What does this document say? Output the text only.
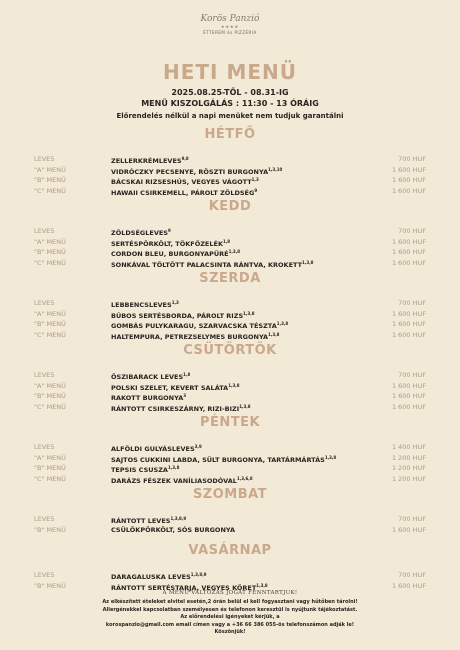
Korös Panzió
★★★★
ÉTTEREM és PIZZÉRIA
HETI MENÜ
2025.08.25-TŐL - 08.31-IG
MENÜ KISZOLGÁLÁS : 11:30 - 13 ÓRÁIG
Előrendelés nélkül a napi menüket nem tudjuk garantálni
HÉTFŐ
LEVES	ZELLERKRÉMLEVES$^{9,8}$	700 HUF
"A" MENÜ	VIDRÓCZKY PECSENYE, RÖSZTI BURGONYA$^{1,3,10}$	1 600 HUF
"B" MENÜ	BÁCSKAI RIZSESHÚS, VEGYES VÁGOTT$^{1,3}$	1 600 HUF
"C" MENÜ	HAWAII CSIRKEMELL, PÁROLT ZÖLDSÉG$^9$	1 600 HUF
KEDD
LEVES	ZÖLDSÉGLEVES$^9$	700 HUF
"A" MENÜ	SERTÉSPÖRKÖLT, TÖKFŐZELÉK$^{1,8}$	1 600 HUF
"B" MENÜ	CORDON BLEU, BURGONYAPÜRÉ$^{1,3,8}$	1 600 HUF
"C" MENÜ	SONKÁVAL TÖLTÖTT PALACSINTA RÁNTVA, KROKETT$^{1,3,8}$	1 600 HUF
SZERDA
LEVES	LEBBENCSLEVES$^{1,3}$	700 HUF
"A" MENÜ	BÚBOS SERTÉSBORDA, PÁROLT RIZS$^{1,3,8}$	1 600 HUF
"B" MENÜ	GOMBÁS PULYKARAGU, SZARVACSKA TÉSZTA$^{1,3,8}$	1 600 HUF
"C" MENÜ	HALTEMPURA, PETREZSELYMES BURGONYA$^{1,3,8}$	1 600 HUF
CSÜTÖRTÖK
LEVES	ŐSZIBARACK LEVES$^{1,8}$	700 HUF
"A" MENÜ	POLSKI SZELET, KEVERT SALÁTA$^{1,3,8}$	1 600 HUF
"B" MENÜ	RAKOTT BURGONYA$^3$	1 600 HUF
"C" MENÜ	RÁNTOTT CSIRKESZÁRNY, RIZI-BIZI$^{1,3,8}$	1 600 HUF
PÉNTEK
LEVES	ALFÖLDI GULYÁSLEVES$^{3,9}$	1 400 HUF
"A" MENÜ	SAJTOS CUKKINI LABDA, SÜLT BURGONYA, TARTÁRMÁRTÁS$^{1,3,8}$	1 200 HUF
"B" MENÜ	TEPSIS CSUSZA$^{1,3,8}$	1 200 HUF
"C" MENÜ	DARÁZS FÉSZEK VANÍLIASODÓVAL$^{1,3,6,8}$	1 200 HUF
SZOMBAT
LEVES	RÁNTOTT LEVES$^{1,3,8,9}$	700 HUF
"B" MENÜ	CSÜLÖKPÖRKÖLT, SÓS BURGONYA	1 600 HUF
VASÁRNAP
LEVES	DARAGALUSKA LEVES$^{1,3,8,9}$	700 HUF
"B" MENÜ	RÁNTOTT SERTÉSTARJA, VEGYES KÖRET$^{1,3,8}$	1 600 HUF
A MENÜ VÁLTOZÁS JOGÁT FENNTARTJUK!
Az elkészített ételeket elvitel esetén,2 órán belül el kell fogyasztani vagy hűtőben tárolni!
Allergénekkel kapcsolatban személyesen és telefonon keresztül is nyújtunk tájékoztatást.
Az előrendelési igényeket kérjük, a
korospanzio@gmail.com email címen vagy a +36 66 386 055-ös telefonszámon adják le!
Köszönjük!
